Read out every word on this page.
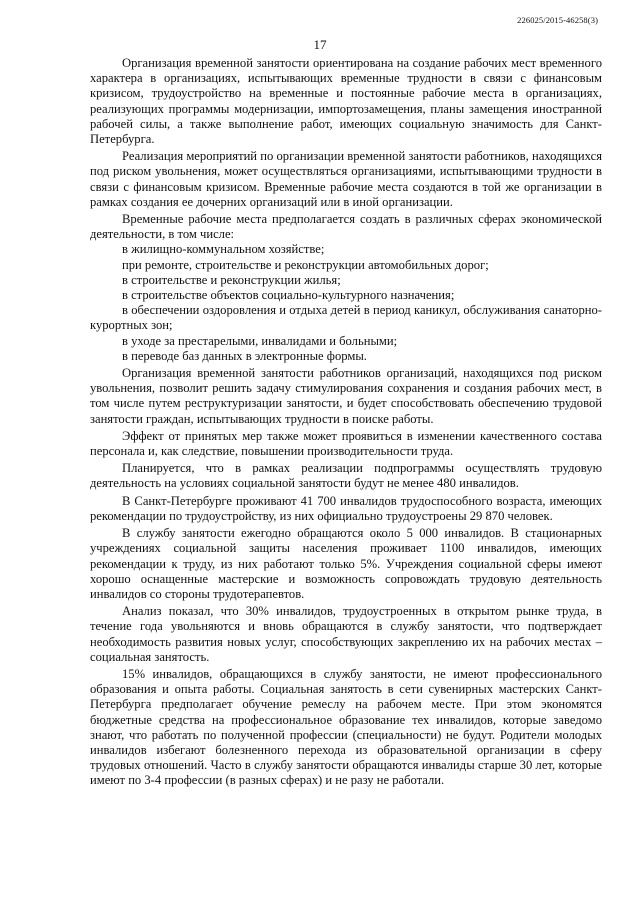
226025/2015-46258(3)
17

Организация временной занятости ориентирована на создание рабочих мест временного характера в организациях, испытывающих временные трудности в связи с финансовым кризисом, трудоустройство на временные и постоянные рабочие места в организациях, реализующих программы модернизации, импортозамещения, планы замещения иностранной рабочей силы, а также выполнение работ, имеющих социальную значимость для Санкт-Петербурга.

Реализация мероприятий по организации временной занятости работников, находящихся под риском увольнения, может осуществляться организациями, испытывающими трудности в связи с финансовым кризисом. Временные рабочие места создаются в той же организации в рамках создания ее дочерних организаций или в иной организации.

Временные рабочие места предполагается создать в различных сферах экономической деятельности, в том числе:

в жилищно-коммунальном хозяйстве;

при ремонте, строительстве и реконструкции автомобильных дорог;

в строительстве и реконструкции жилья;

в строительстве объектов социально-культурного назначения;

в обеспечении оздоровления и отдыха детей в период каникул, обслуживания санаторно-курортных зон;

в уходе за престарелыми, инвалидами и больными;

в переводе баз данных в электронные формы.

Организация временной занятости работников организаций, находящихся под риском увольнения, позволит решить задачу стимулирования сохранения и создания рабочих мест, в том числе путем реструктуризации занятости, и будет способствовать обеспечению трудовой занятости граждан, испытывающих трудности в поиске работы.

Эффект от принятых мер также может проявиться в изменении качественного состава персонала и, как следствие, повышении производительности труда.

Планируется, что в рамках реализации подпрограммы осуществлять трудовую деятельность на условиях социальной занятости будут не менее 480 инвалидов.

В Санкт-Петербурге проживают 41 700 инвалидов трудоспособного возраста, имеющих рекомендации по трудоустройству, из них официально трудоустроены 29 870 человек.

В службу занятости ежегодно обращаются около 5 000 инвалидов. В стационарных учреждениях социальной защиты населения проживает 1100 инвалидов, имеющих рекомендации к труду, из них работают только 5%. Учреждения социальной сферы имеют хорошо оснащенные мастерские и возможность сопровождать трудовую деятельность инвалидов со стороны трудотерапевтов.

Анализ показал, что 30% инвалидов, трудоустроенных в открытом рынке труда, в течение года увольняются и вновь обращаются в службу занятости, что подтверждает необходимость развития новых услуг, способствующих закреплению их на рабочих местах – социальная занятость.

15% инвалидов, обращающихся в службу занятости, не имеют профессионального образования и опыта работы. Социальная занятость в сети сувенирных мастерских Санкт-Петербурга предполагает обучение ремеслу на рабочем месте. При этом экономятся бюджетные средства на профессиональное образование тех инвалидов, которые заведомо знают, что работать по полученной профессии (специальности) не будут. Родители молодых инвалидов избегают болезненного перехода из образовательной организации в сферу трудовых отношений. Часто в службу занятости обращаются инвалиды старше 30 лет, которые имеют по 3-4 профессии (в разных сферах) и не разу не работали.
